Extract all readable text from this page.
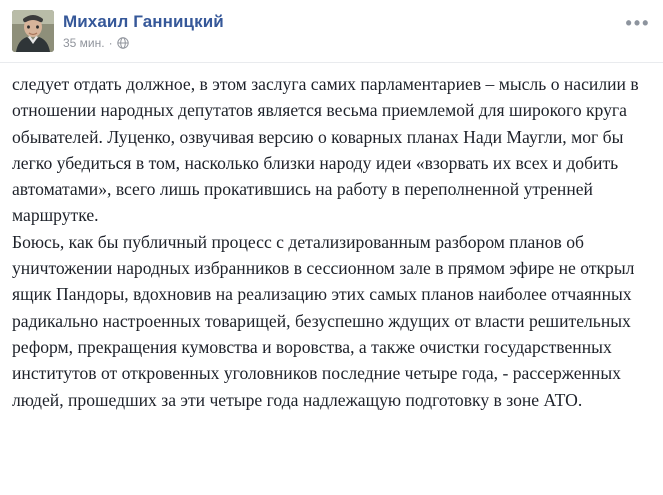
Михаил Ганницкий
35 мин. ·
•••

следует отдать должное, в этом заслуга самих парламентариев – мысль о насилии в отношении народных депутатов является весьма приемлемой для широкого круга обывателей. Луценко, озвучивая версию о коварных планах Нади Маугли, мог бы легко убедиться в том, насколько близки народу идеи «взорвать их всех и добить автоматами», всего лишь прокатившись на работу в переполненной утренней маршрутке.

Боюсь, как бы публичный процесс с детализированным разбором планов об уничтожении народных избранников в сессионном зале в прямом эфире не открыл ящик Пандоры, вдохновив на реализацию этих самых планов наиболее отчаянных радикально настроенных товарищей, безуспешно ждущих от власти решительных реформ, прекращения кумовства и воровства, а также очистки государственных институтов от откровенных уголовников последние четыре года, - рассерженных людей, прошедших за эти четыре года надлежащую подготовку в зоне АТО.
